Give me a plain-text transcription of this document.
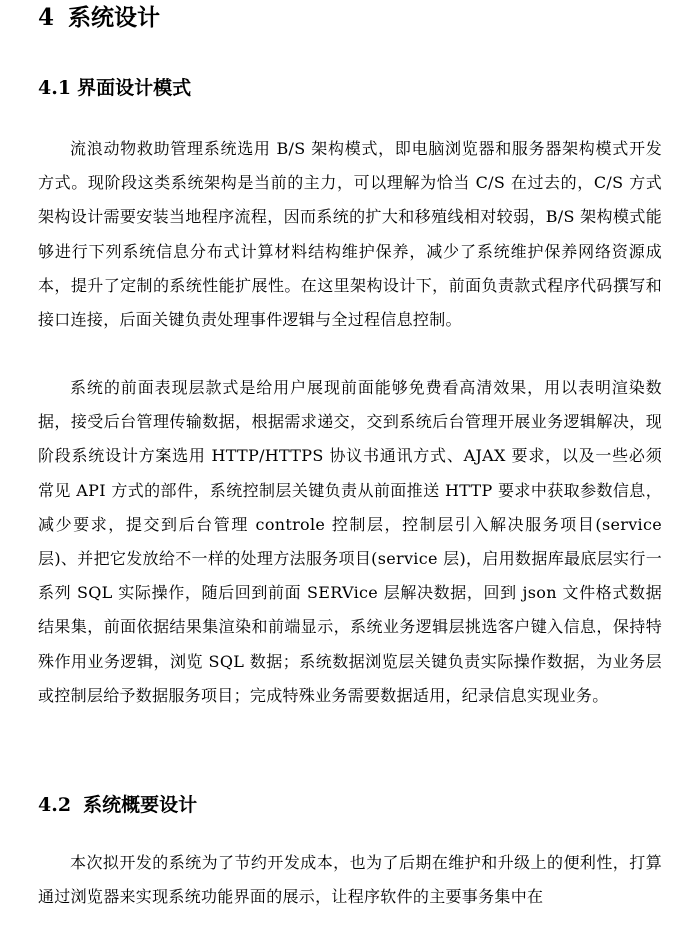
4 系统设计
4.1 界面设计模式

流浪动物救助管理系统选用 B/S 架构模式，即电脑浏览器和服务器架构模式开发方式。现阶段这类系统架构是当前的主力，可以理解为恰当 C/S 在过去的，C/S 方式架构设计需要安装当地程序流程，因而系统的扩大和移殖线相对较弱，B/S 架构模式能够进行下列系统信息分布式计算材料结构维护保养，减少了系统维护保养网络资源成本，提升了定制的系统性能扩展性。在这里架构设计下，前面负责款式程序代码撰写和接口连接，后面关键负责处理事件逻辑与全过程信息控制。

系统的前面表现层款式是给用户展现前面能够免费看高清效果，用以表明渲染数据，接受后台管理传输数据，根据需求递交，交到系统后台管理开展业务逻辑解决，现阶段系统设计方案选用 HTTP/HTTPS 协议书通讯方式、AJAX 要求，以及一些必须常见 API 方式的部件，系统控制层关键负责从前面推送 HTTP 要求中获取参数信息，减少要求，提交到后台管理 controle 控制层，控制层引入解决服务项目(service 层)、并把它发放给不一样的处理方法服务项目(service 层)，启用数据库最底层实行一系列 SQL 实际操作，随后回到前面 SERVice 层解决数据，回到 json 文件格式数据结果集，前面依据结果集渲染和前端显示，系统业务逻辑层挑选客户键入信息，保持特殊作用业务逻辑，浏览 SQL 数据；系统数据浏览层关键负责实际操作数据，为业务层或控制层给予数据服务项目；完成特殊业务需要数据适用，纪录信息实现业务。

4.2 系统概要设计

本次拟开发的系统为了节约开发成本，也为了后期在维护和升级上的便利性，打算通过浏览器来实现系统功能界面的展示，让程序软件的主要事务集中在
